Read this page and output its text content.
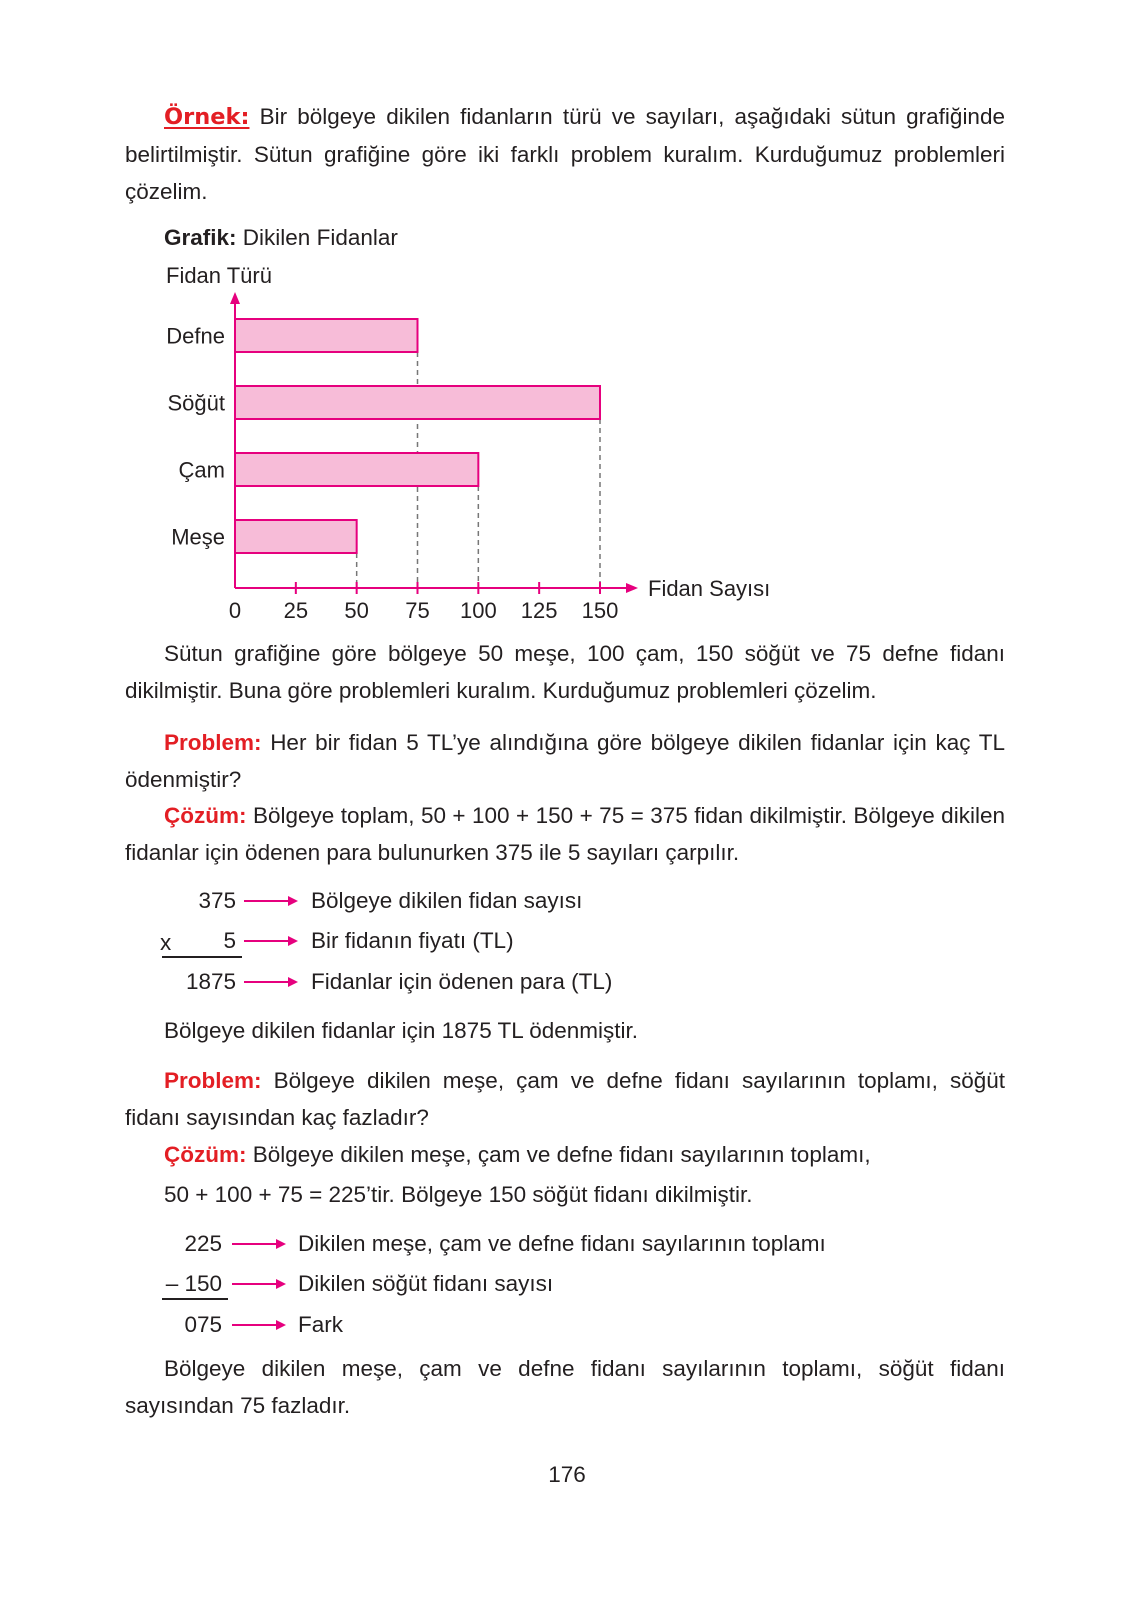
Örnek: Bir bölgeye dikilen fidanların türü ve sayıları, aşağıdaki sütun grafiğinde belirtilmiştir. Sütun grafiğine göre iki farklı problem kuralım. Kurduğumuz problemleri çözelim.
Grafik: Dikilen Fidanlar
Defne
Söğüt
Çam
Meşe
Fidan Türü
Fidan Sayısı
0 25 50 75 100 125 150
Sütun grafiğine göre bölgeye 50 meşe, 100 çam, 150 söğüt ve 75 defne fidanı dikilmiştir. Buna göre problemleri kuralım. Kurduğumuz problemleri çözelim.
Problem: Her bir fidan 5 TL’ye alındığına göre bölgeye dikilen fidanlar için kaç TL ödenmiştir?
Çözüm: Bölgeye toplam, 50 + 100 + 150 + 75 = 375 fidan dikilmiştir. Bölgeye dikilen fidanlar için ödenen para bulunurken 375 ile 5 sayıları çarpılır.
375	Bölgeye dikilen fidan sayısı
x	5	Bir fidanın fiyatı (TL)
1875	Fidanlar için ödenen para (TL)
Bölgeye dikilen fidanlar için 1875 TL ödenmiştir.
Problem: Bölgeye dikilen meşe, çam ve defne fidanı sayılarının toplamı, söğüt fidanı sayısından kaç fazladır?
Çözüm: Bölgeye dikilen meşe, çam ve defne fidanı sayılarının toplamı,
50 + 100 + 75 = 225’tir. Bölgeye 150 söğüt fidanı dikilmiştir.
225	Dikilen meşe, çam ve defne fidanı sayılarının toplamı
– 150	Dikilen söğüt fidanı sayısı
075	Fark
Bölgeye dikilen meşe, çam ve defne fidanı sayılarının toplamı, söğüt fidanı sayısından 75 fazladır.
176
